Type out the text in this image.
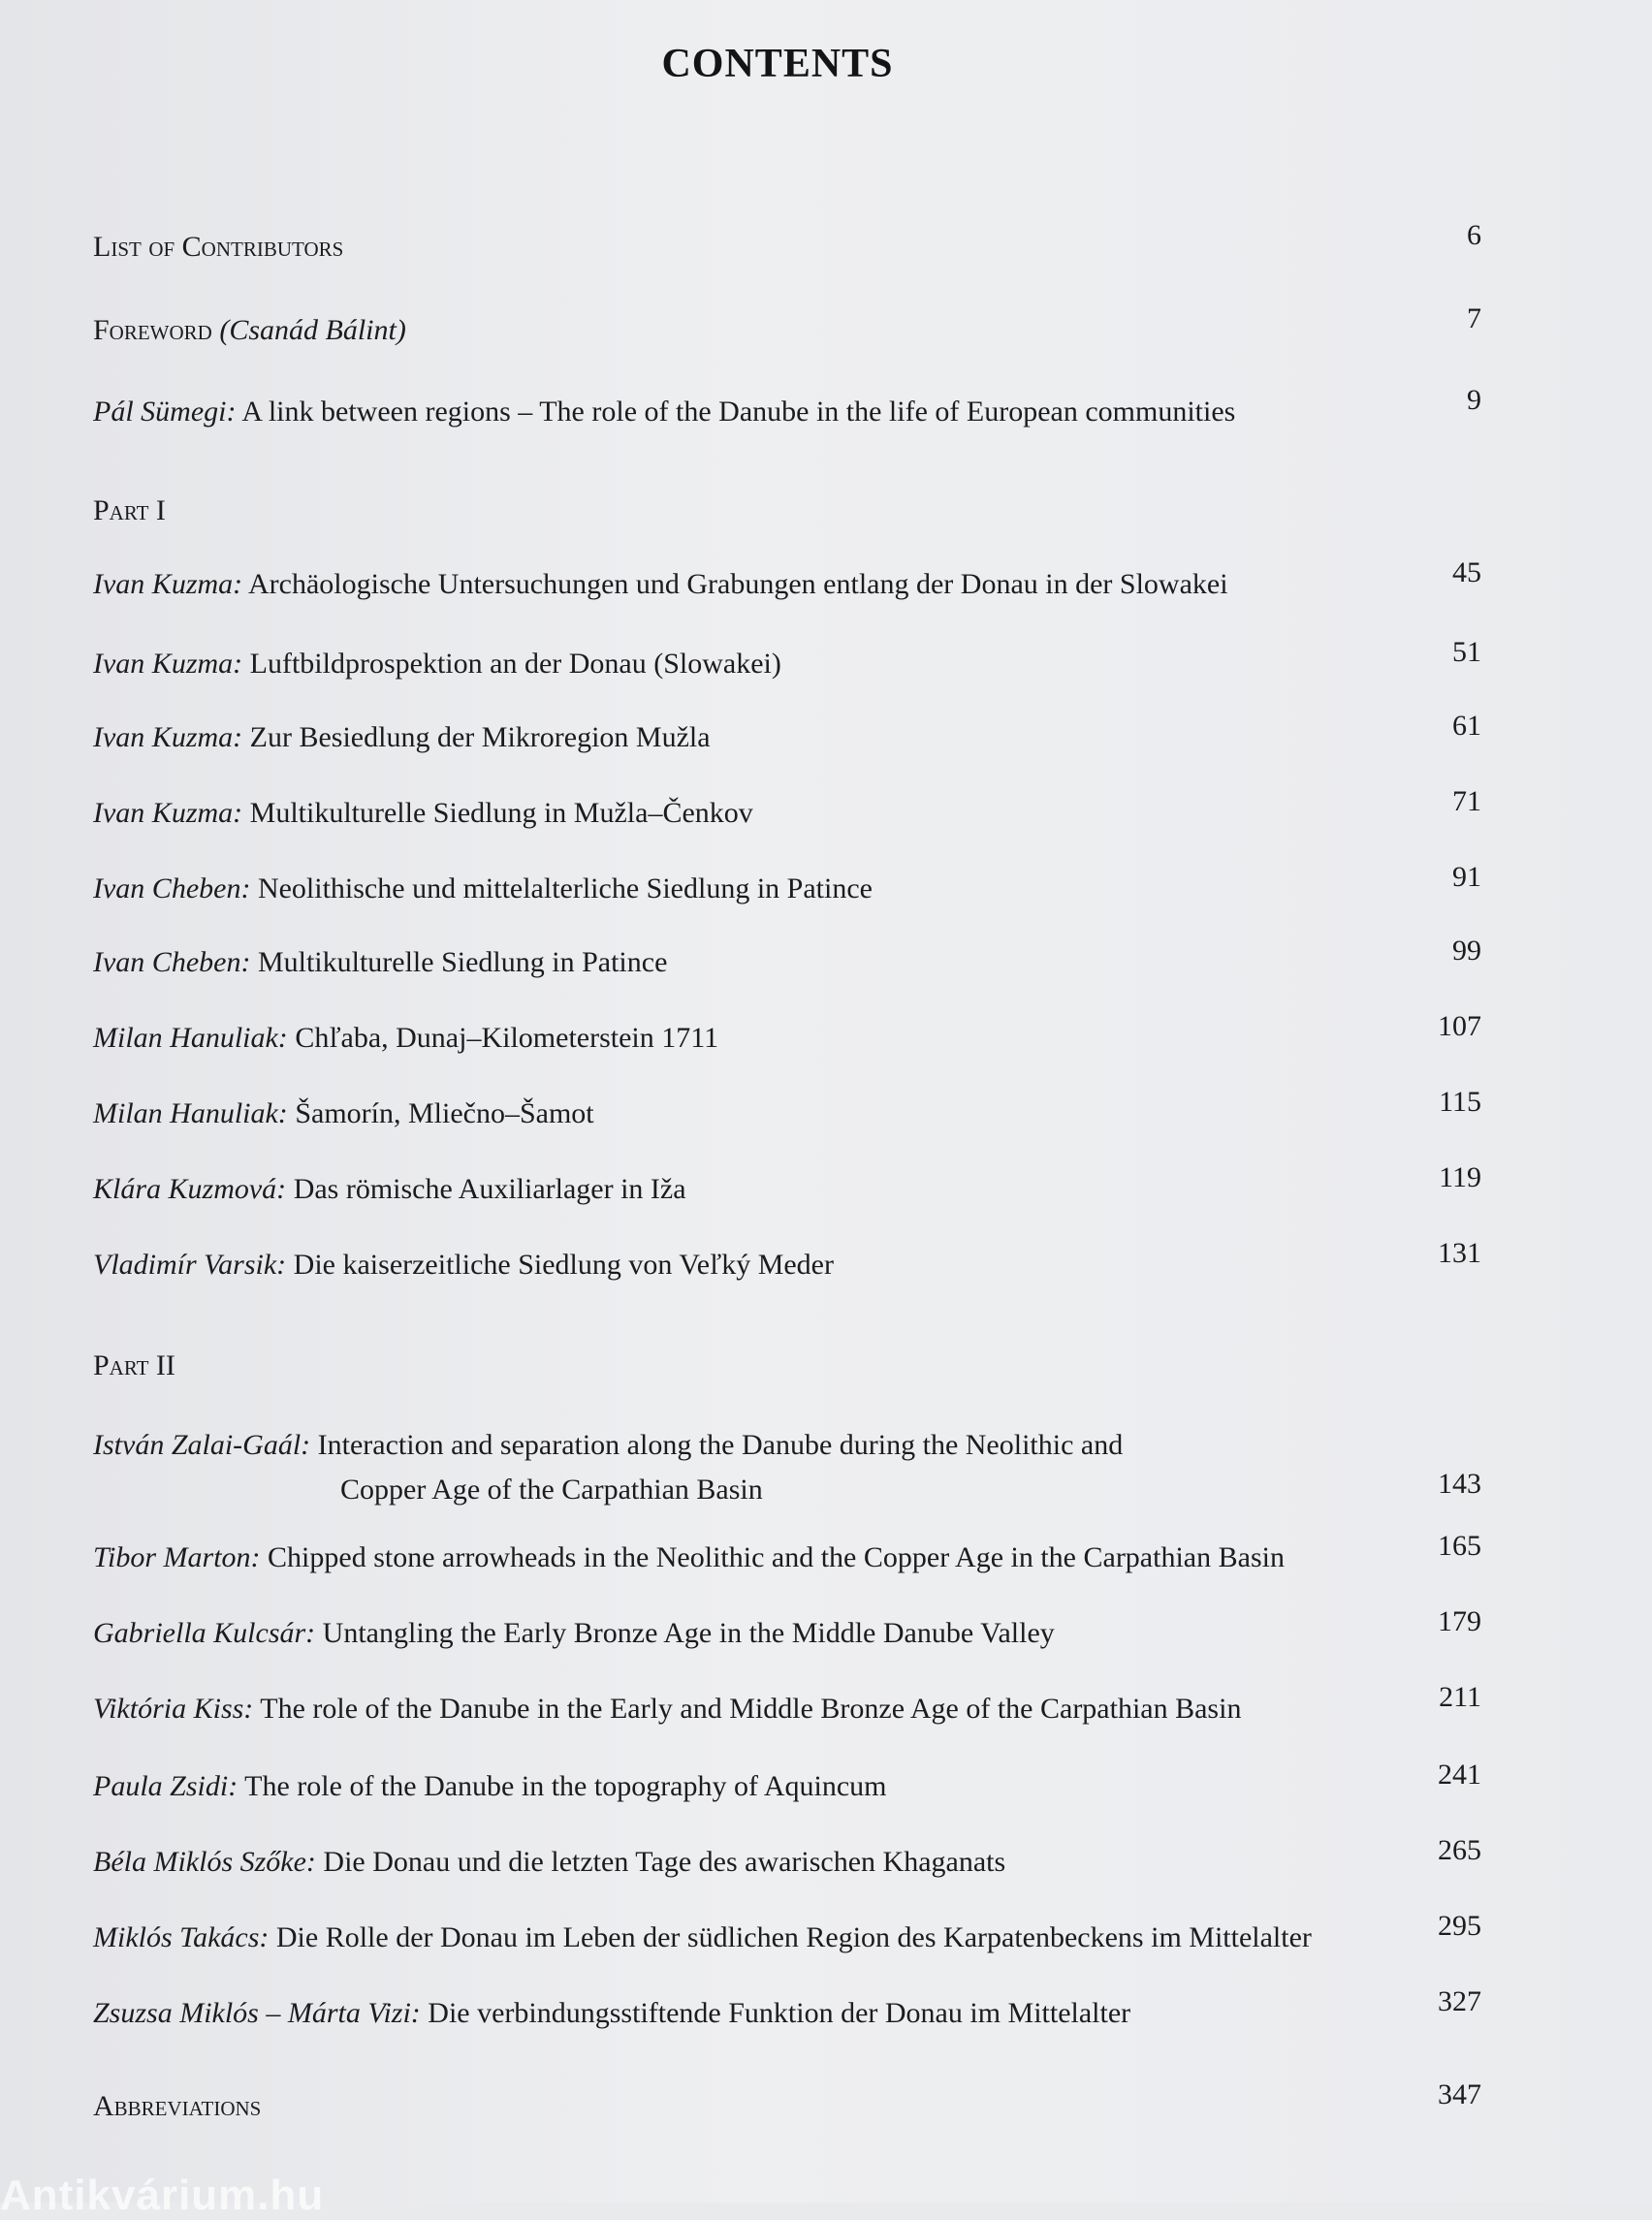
CONTENTS
List of Contributors	6
Foreword (Csanád Bálint)	7
Pál Sümegi: A link between regions – The role of the Danube in the life of European communities	9
Part I
Ivan Kuzma: Archäologische Untersuchungen und Grabungen entlang der Donau in der Slowakei	45
Ivan Kuzma: Luftbildprospektion an der Donau (Slowakei)	51
Ivan Kuzma: Zur Besiedlung der Mikroregion Mužla	61
Ivan Kuzma: Multikulturelle Siedlung in Mužla–Čenkov	71
Ivan Cheben: Neolithische und mittelalterliche Siedlung in Patince	91
Ivan Cheben: Multikulturelle Siedlung in Patince	99
Milan Hanuliak: Chľaba, Dunaj–Kilometerstein 1711	107
Milan Hanuliak: Šamorín, Mliečno–Šamot	115
Klára Kuzmová: Das römische Auxiliarlager in Iža	119
Vladimír Varsik: Die kaiserzeitliche Siedlung von Veľký Meder	131
Part II
István Zalai-Gaál: Interaction and separation along the Danube during the Neolithic and
Copper Age of the Carpathian Basin	143
Tibor Marton: Chipped stone arrowheads in the Neolithic and the Copper Age in the Carpathian Basin	165
Gabriella Kulcsár: Untangling the Early Bronze Age in the Middle Danube Valley	179
Viktória Kiss: The role of the Danube in the Early and Middle Bronze Age of the Carpathian Basin	211
Paula Zsidi: The role of the Danube in the topography of Aquincum	241
Béla Miklós Szőke: Die Donau und die letzten Tage des awarischen Khaganats	265
Miklós Takács: Die Rolle der Donau im Leben der südlichen Region des Karpatenbeckens im Mittelalter	295
Zsuzsa Miklós – Márta Vizi: Die verbindungsstiftende Funktion der Donau im Mittelalter	327
Abbreviations	347
Antikvárium.hu
